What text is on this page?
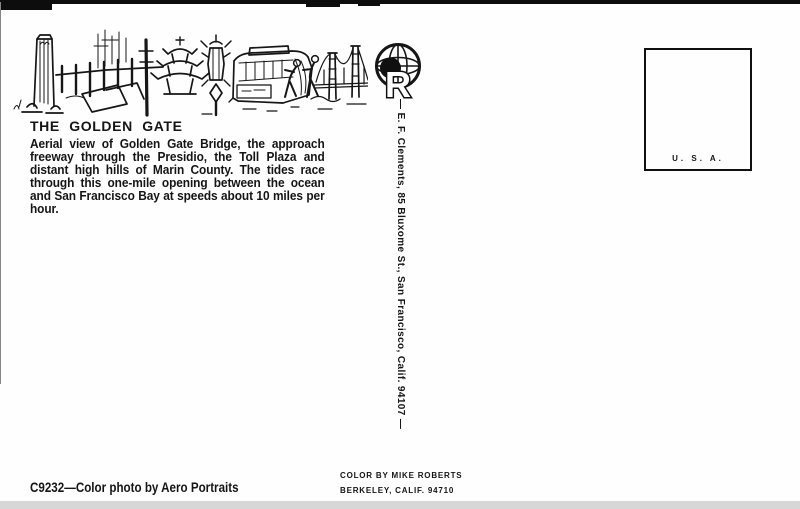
THE GOLDEN GATE

Aerial view of Golden Gate Bridge, the approach freeway through the Presidio, the Toll Plaza and distant high hills of Marin County. The tides race through this one-mile opening between the ocean and San Francisco Bay at speeds about 10 miles per hour.

R
— E. F. Clements, 85 Bluxome St., San Francisco, Calif. 94107 —	U. S. A.
C9232—Color photo by Aero Portraits
COLOR BY MIKE ROBERTS
BERKELEY, CALIF. 94710
